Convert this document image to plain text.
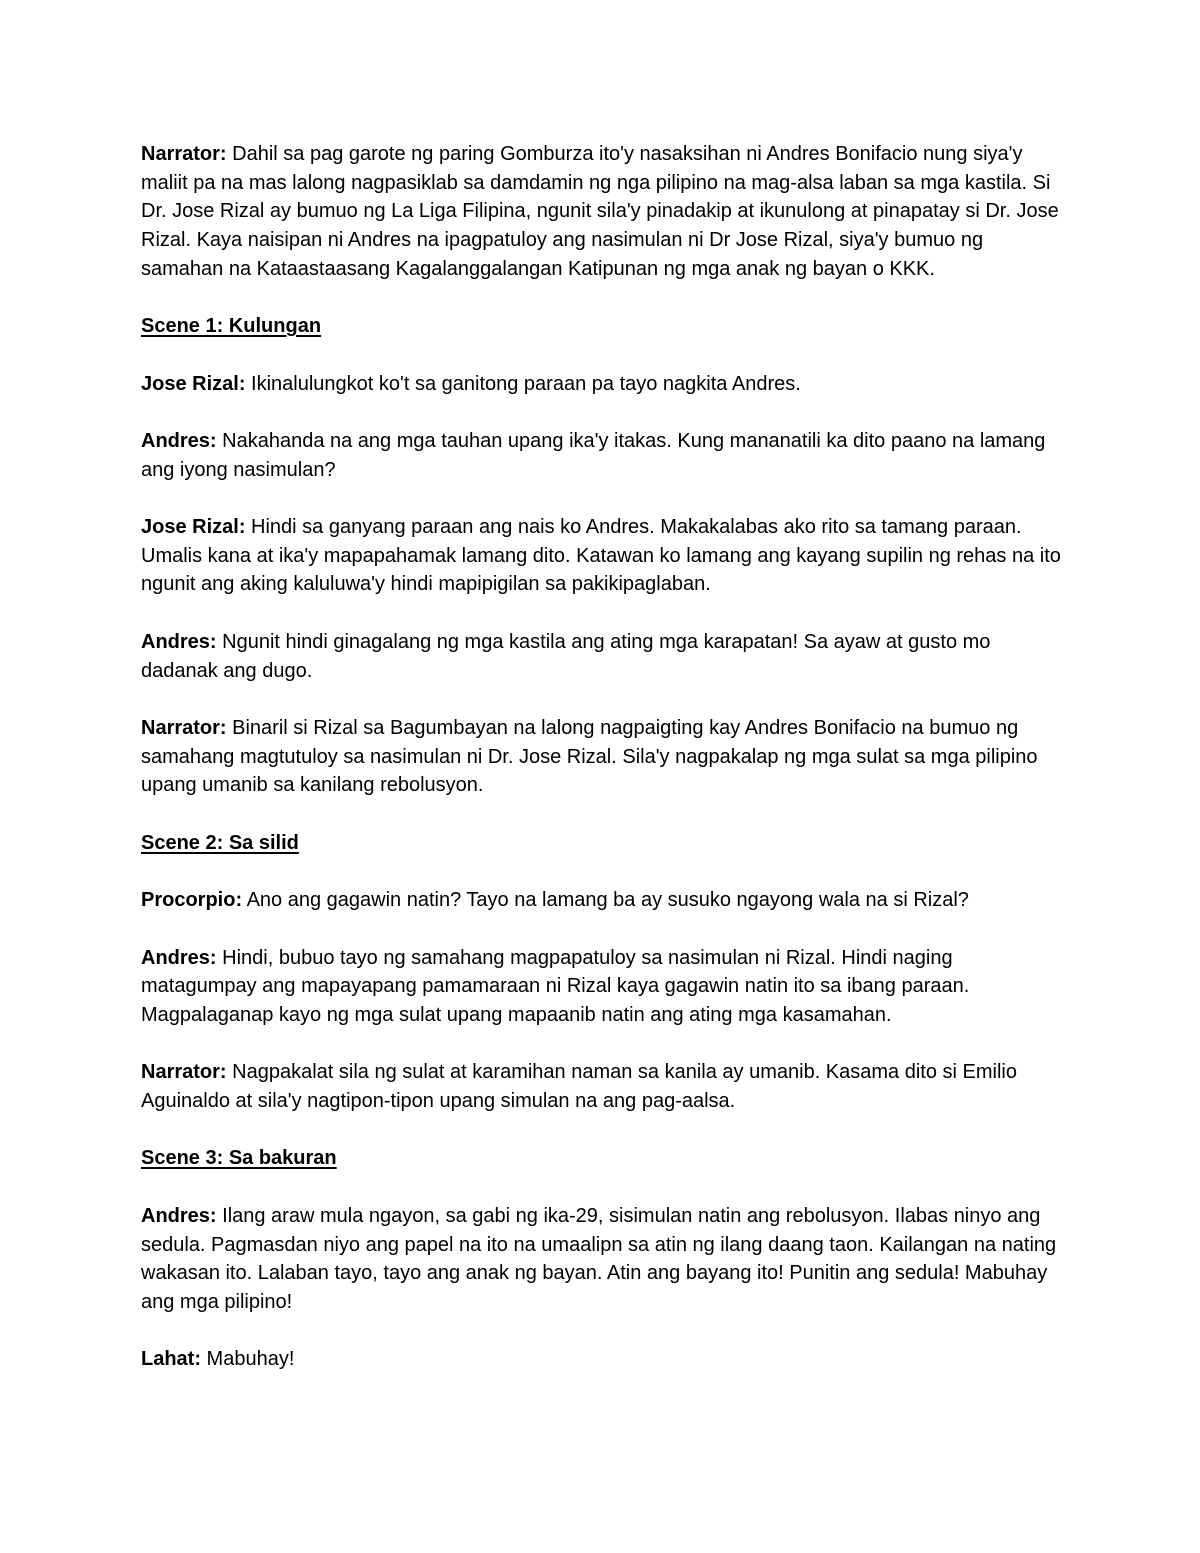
Narrator: Dahil sa pag garote ng paring Gomburza ito'y nasaksihan ni Andres Bonifacio nung siya'y maliit pa na mas lalong nagpasiklab sa damdamin ng nga pilipino na mag-alsa laban sa mga kastila. Si Dr. Jose Rizal ay bumuo ng La Liga Filipina, ngunit sila'y pinadakip at ikunulong at pinapatay si Dr. Jose Rizal. Kaya naisipan ni Andres na ipagpatuloy ang nasimulan ni Dr Jose Rizal, siya'y bumuo ng samahan na Kataastaasang Kagalanggalangan Katipunan ng mga anak ng bayan o KKK.

Scene 1: Kulungan

Jose Rizal: Ikinalulungkot ko't sa ganitong paraan pa tayo nagkita Andres.

Andres: Nakahanda na ang mga tauhan upang ika'y itakas. Kung mananatili ka dito paano na lamang ang iyong nasimulan?

Jose Rizal: Hindi sa ganyang paraan ang nais ko Andres. Makakalabas ako rito sa tamang paraan. Umalis kana at ika'y mapapahamak lamang dito. Katawan ko lamang ang kayang supilin ng rehas na ito ngunit ang aking kaluluwa'y hindi mapipigilan sa pakikipaglaban.

Andres: Ngunit hindi ginagalang ng mga kastila ang ating mga karapatan! Sa ayaw at gusto mo dadanak ang dugo.

Narrator: Binaril si Rizal sa Bagumbayan na lalong nagpaigting kay Andres Bonifacio na bumuo ng samahang magtutuloy sa nasimulan ni Dr. Jose Rizal. Sila'y nagpakalap ng mga sulat sa mga pilipino upang umanib sa kanilang rebolusyon.

Scene 2: Sa silid

Procorpio: Ano ang gagawin natin? Tayo na lamang ba ay susuko ngayong wala na si Rizal?

Andres: Hindi, bubuo tayo ng samahang magpapatuloy sa nasimulan ni Rizal. Hindi naging matagumpay ang mapayapang pamamaraan ni Rizal kaya gagawin natin ito sa ibang paraan. Magpalaganap kayo ng mga sulat upang mapaanib natin ang ating mga kasamahan.

Narrator: Nagpakalat sila ng sulat at karamihan naman sa kanila ay umanib. Kasama dito si Emilio Aguinaldo at sila'y nagtipon-tipon upang simulan na ang pag-aalsa.

Scene 3: Sa bakuran

Andres: Ilang araw mula ngayon, sa gabi ng ika-29, sisimulan natin ang rebolusyon. Ilabas ninyo ang sedula. Pagmasdan niyo ang papel na ito na umaalipn sa atin ng ilang daang taon. Kailangan na nating wakasan ito. Lalaban tayo, tayo ang anak ng bayan. Atin ang bayang ito! Punitin ang sedula! Mabuhay ang mga pilipino!

Lahat: Mabuhay!
